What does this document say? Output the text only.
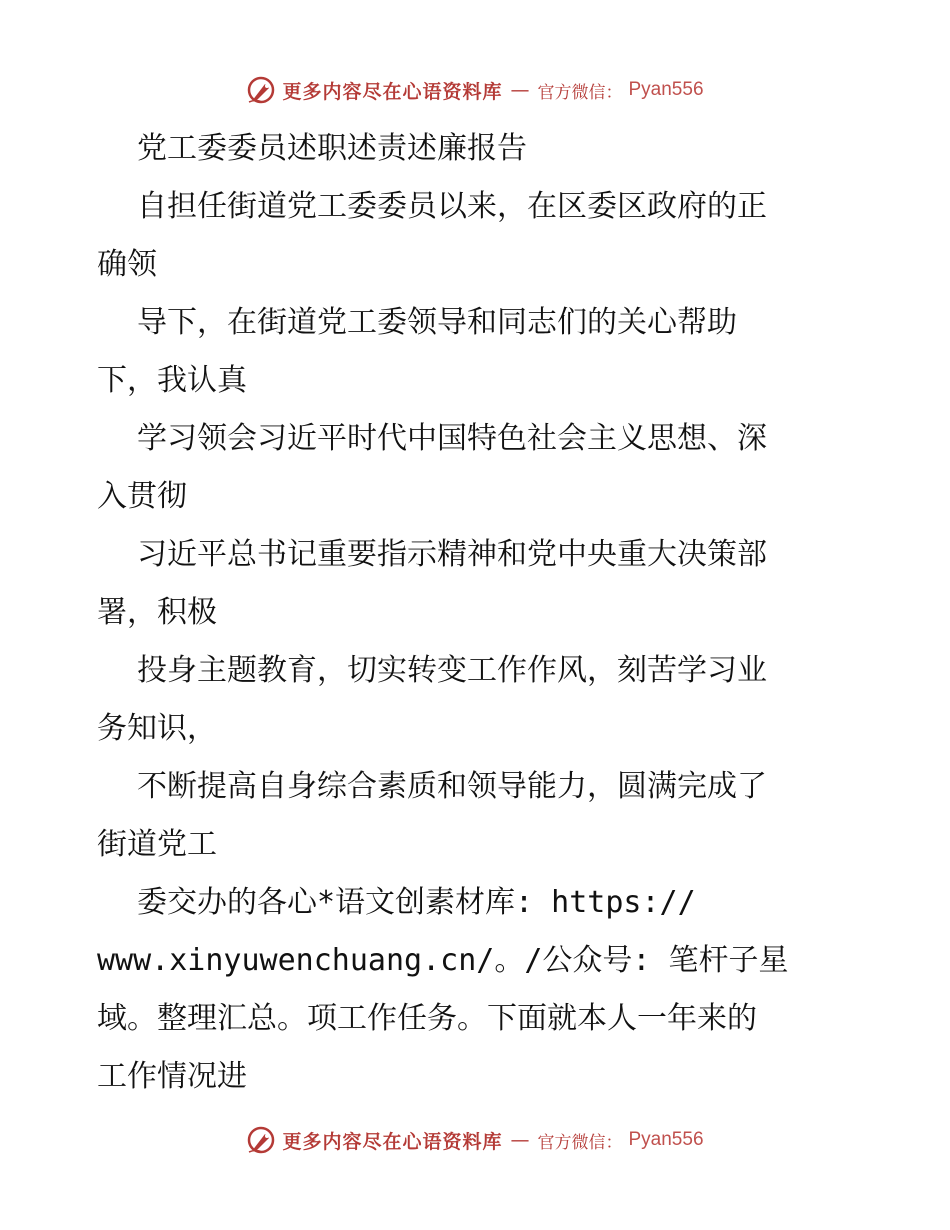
更多内容尽在心语资料库 — 官方微信： Pyan556
党工委委员述职述责述廉报告
自担任街道党工委委员以来，在区委区政府的正
确领
导下，在街道党工委领导和同志们的关心帮助
下，我认真
学习领会习近平时代中国特色社会主义思想、深
入贯彻
习近平总书记重要指示精神和党中央重大决策部
署，积极
投身主题教育，切实转变工作作风，刻苦学习业
务知识，
不断提高自身综合素质和领导能力，圆满完成了
街道党工
委交办的各心*语文创素材库: https://
www.xinyuwenchuang.cn/。/公众号: 笔杆子星
域。整理汇总。项工作任务。下面就本人一年来的
工作情况进
更多内容尽在心语资料库 — 官方微信： Pyan556
